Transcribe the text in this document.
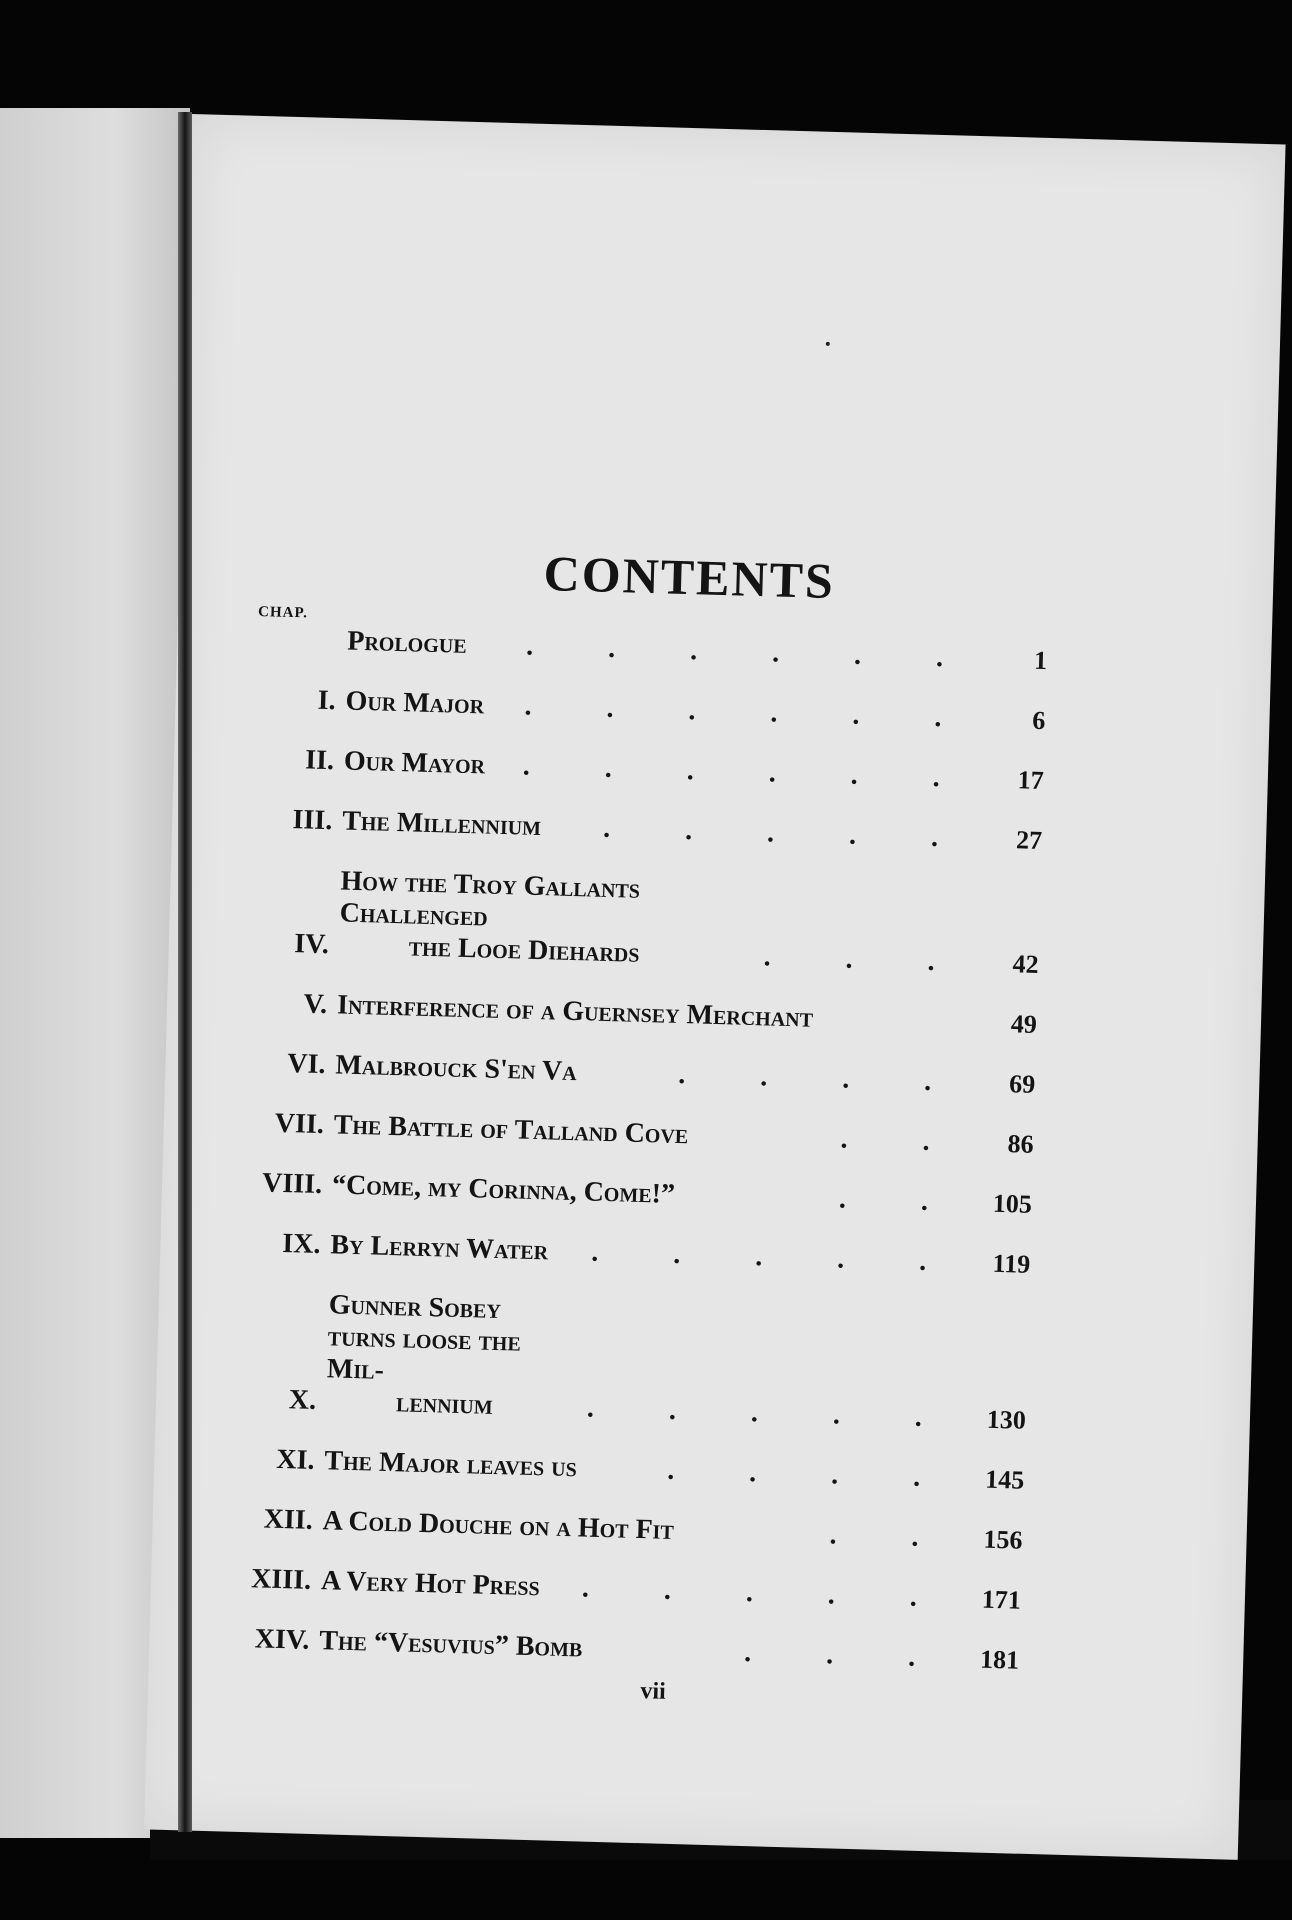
CONTENTS
CHAP.
Prologue	. . . . . .	1
I. Our Major	. . . . . .	6
II. Our Mayor	. . . . . .	17
III. The Millennium	. . . . .	27
IV.
How the Troy Gallants Challenged
the Looe Diehards	. . .	42
V. Interference of a Guernsey Merchant	49
VI. Malbrouck S'en Va	. . . .	69
VII. The Battle of Talland Cove	. .	86
VIII. “Come, my Corinna, Come!”	. .	105
IX. By Lerryn Water	. . . . .	119
X.
Gunner Sobey turns loose the Mil-
lennium	. . . . .	130
XI. The Major leaves us	. . . .	145
XII. A Cold Douche on a Hot Fit	. .	156
XIII. A Very Hot Press	. . . . .	171
XIV. The “Vesuvius” Bomb	. . .	181
vii
